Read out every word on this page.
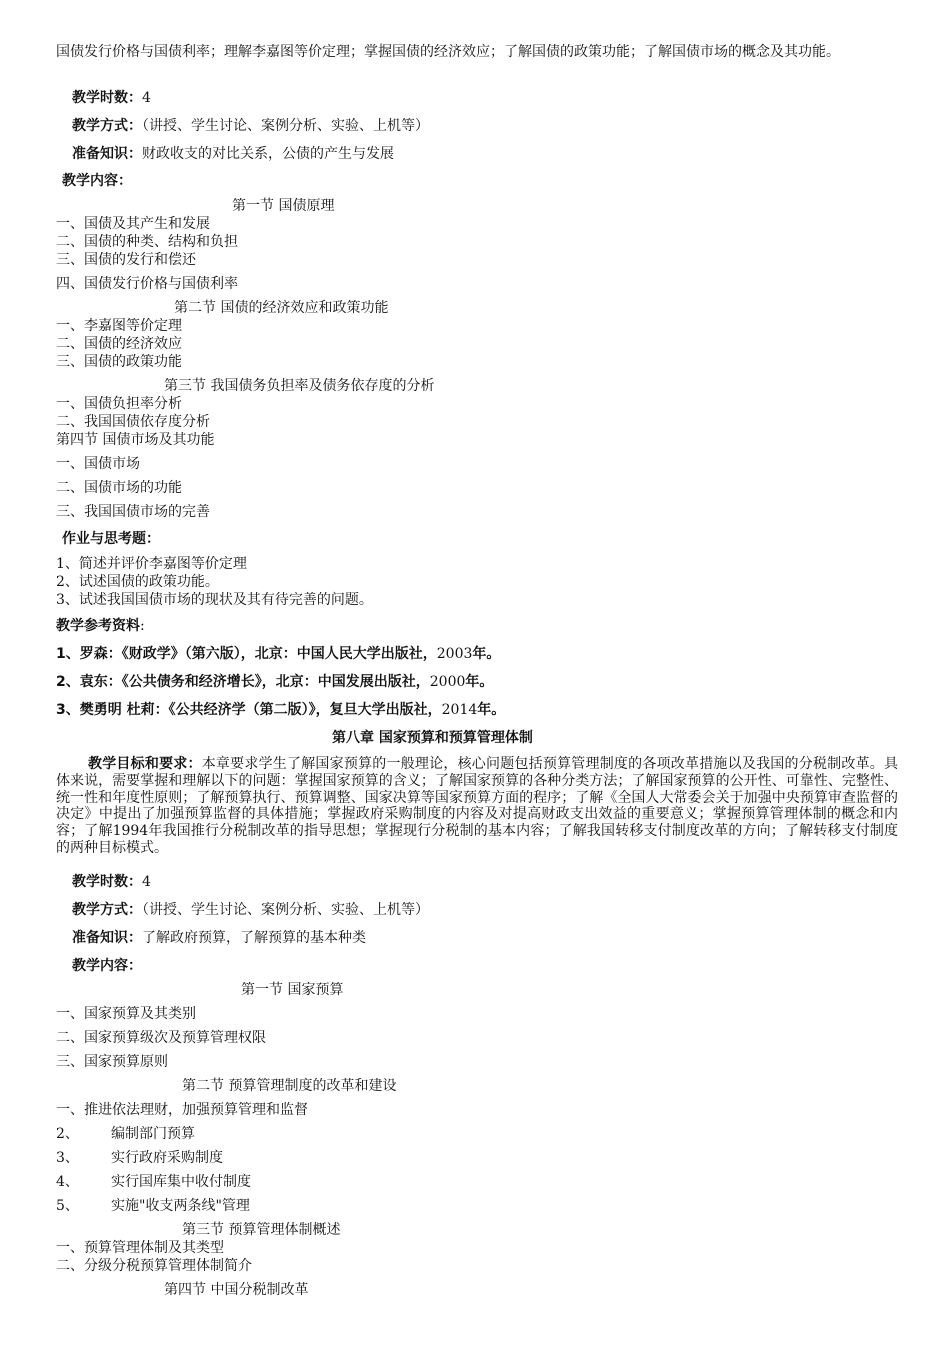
国债发行价格与国债利率；理解李嘉图等价定理；掌握国债的经济效应；了解国债的政策功能；了解国债市场的概念及其功能。
教学时数：4
教学方式：（讲授、学生讨论、案例分析、实验、上机等）
准备知识：财政收支的对比关系，公债的产生与发展
教学内容：
第一节 国债原理
一、国债及其产生和发展
二、国债的种类、结构和负担
三、国债的发行和偿还
四、国债发行价格与国债利率
第二节 国债的经济效应和政策功能
一、李嘉图等价定理
二、国债的经济效应
三、国债的政策功能
第三节 我国债务负担率及债务依存度的分析
一、国债负担率分析
二、我国国债依存度分析
第四节 国债市场及其功能
一、国债市场
二、国债市场的功能
三、我国国债市场的完善
作业与思考题：
1、简述并评价李嘉图等价定理
2、试述国债的政策功能。
3、试述我国国债市场的现状及其有待完善的问题。
教学参考资料:
1、罗森：《财政学》（第六版），北京：中国人民大学出版社，2003年。
2、袁东：《公共债务和经济增长》，北京：中国发展出版社，2000年。
3、樊勇明 杜莉：《公共经济学（第二版）》，复旦大学出版社，2014年。
第八章 国家预算和预算管理体制
教学目标和要求：本章要求学生了解国家预算的一般理论，核心问题包括预算管理制度的各项改革措施以及我国的分税制改革。具体来说，需要掌握和理解以下的问题：掌握国家预算的含义；了解国家预算的各种分类方法；了解国家预算的公开性、可靠性、完整性、统一性和年度性原则；了解预算执行、预算调整、国家决算等国家预算方面的程序；了解《全国人大常委会关于加强中央预算审查监督的决定》中提出了加强预算监督的具体措施；掌握政府采购制度的内容及对提高财政支出效益的重要意义；掌握预算管理体制的概念和内容；了解1994年我国推行分税制改革的指导思想；掌握现行分税制的基本内容；了解我国转移支付制度改革的方向；了解转移支付制度的两种目标模式。
教学时数：4
教学方式：（讲授、学生讨论、案例分析、实验、上机等）
准备知识：了解政府预算，了解预算的基本种类
教学内容：
第一节 国家预算
一、国家预算及其类别
二、国家预算级次及预算管理权限
三、国家预算原则
第二节 预算管理制度的改革和建设
一、推进依法理财，加强预算管理和监督
2、 编制部门预算
3、 实行政府采购制度
4、 实行国库集中收付制度
5、 实施"收支两条线"管理
第三节 预算管理体制概述
一、预算管理体制及其类型
二、分级分税预算管理体制简介
第四节 中国分税制改革
